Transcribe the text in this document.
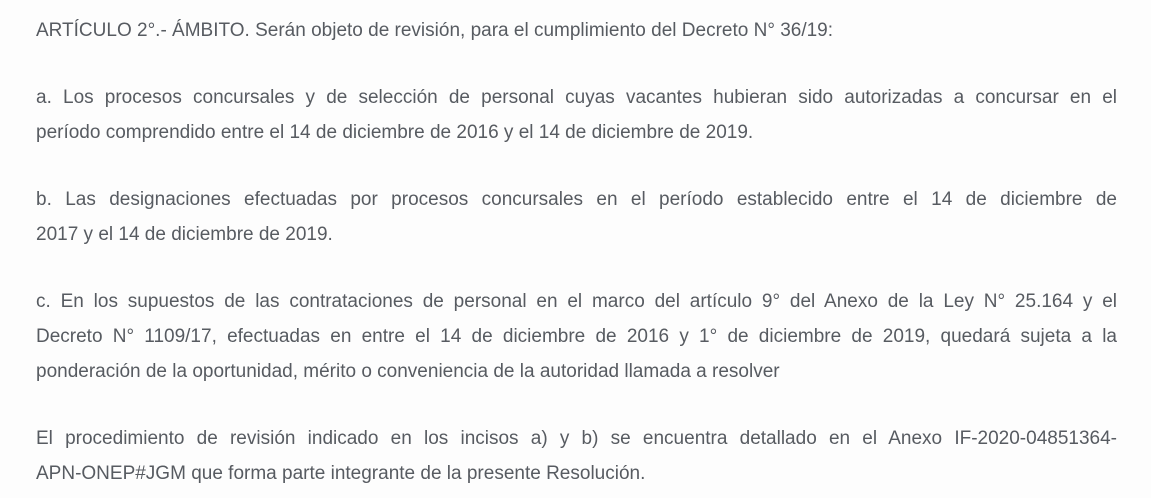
ARTÍCULO 2°.- ÁMBITO. Serán objeto de revisión, para el cumplimiento del Decreto N° 36/19:
a. Los procesos concursales y de selección de personal cuyas vacantes hubieran sido autorizadas a concursar en el
período comprendido entre el 14 de diciembre de 2016 y el 14 de diciembre de 2019.
b. Las designaciones efectuadas por procesos concursales en el período establecido entre el 14 de diciembre de
2017 y el 14 de diciembre de 2019.
c. En los supuestos de las contrataciones de personal en el marco del artículo 9° del Anexo de la Ley N° 25.164 y el
Decreto N° 1109/17, efectuadas en entre el 14 de diciembre de 2016 y 1° de diciembre de 2019, quedará sujeta a la
ponderación de la oportunidad, mérito o conveniencia de la autoridad llamada a resolver
El procedimiento de revisión indicado en los incisos a) y b) se encuentra detallado en el Anexo IF-2020-04851364-
APN-ONEP#JGM que forma parte integrante de la presente Resolución.
